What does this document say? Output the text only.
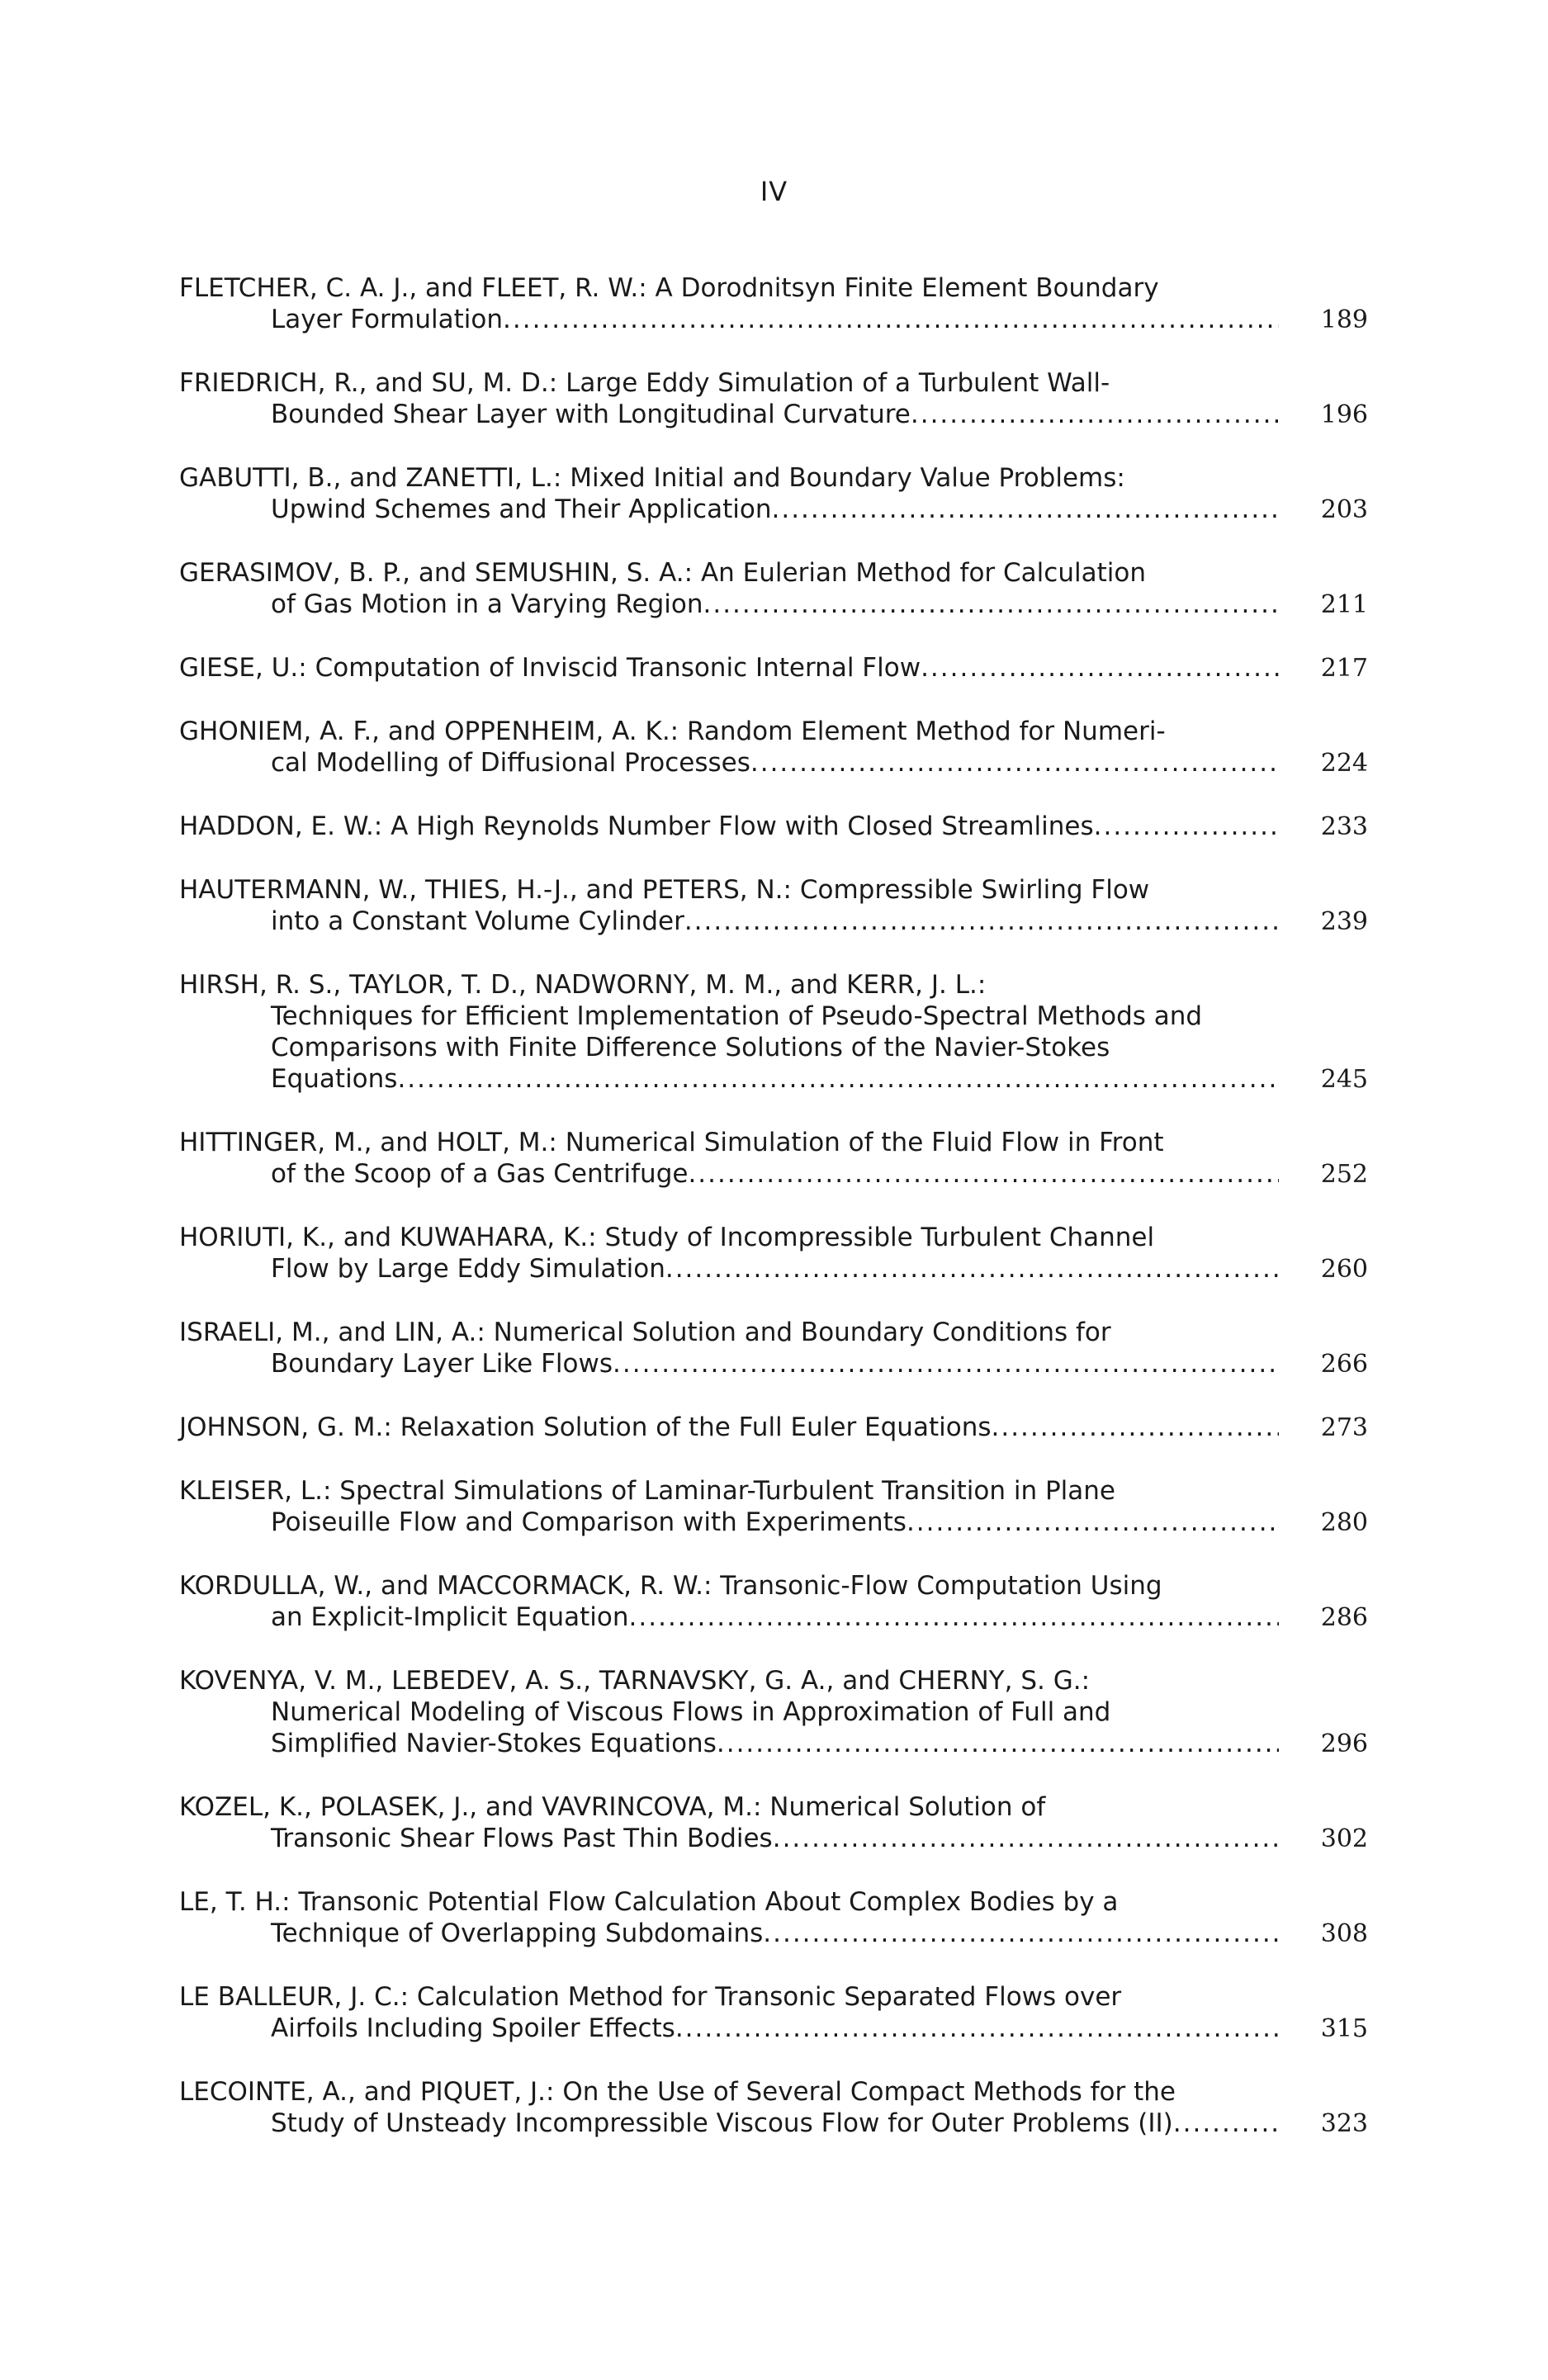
IV
FLETCHER, C. A. J., and FLEET, R. W.: A Dorodnitsyn Finite Element Boundary
Layer Formulation .....	189
FRIEDRICH, R., and SU, M. D.: Large Eddy Simulation of a Turbulent Wall-
Bounded Shear Layer with Longitudinal Curvature .....	196
GABUTTI, B., and ZANETTI, L.: Mixed Initial and Boundary Value Problems:
Upwind Schemes and Their Application .....	203
GERASIMOV, B. P., and SEMUSHIN, S. A.: An Eulerian Method for Calculation
of Gas Motion in a Varying Region .....	211
GIESE, U.: Computation of Inviscid Transonic Internal Flow .....	217
GHONIEM, A. F., and OPPENHEIM, A. K.: Random Element Method for Numeri-
cal Modelling of Diffusional Processes .....	224
HADDON, E. W.: A High Reynolds Number Flow with Closed Streamlines .....	233
HAUTERMANN, W., THIES, H.-J., and PETERS, N.: Compressible Swirling Flow
into a Constant Volume Cylinder .....	239
HIRSH, R. S., TAYLOR, T. D., NADWORNY, M. M., and KERR, J. L.:
Techniques for Efficient Implementation of Pseudo-Spectral Methods and
Comparisons with Finite Difference Solutions of the Navier-Stokes
Equations .....	245
HITTINGER, M., and HOLT, M.: Numerical Simulation of the Fluid Flow in Front
of the Scoop of a Gas Centrifuge .....	252
HORIUTI, K., and KUWAHARA, K.: Study of Incompressible Turbulent Channel
Flow by Large Eddy Simulation .....	260
ISRAELI, M., and LIN, A.: Numerical Solution and Boundary Conditions for
Boundary Layer Like Flows .....	266
JOHNSON, G. M.: Relaxation Solution of the Full Euler Equations .....	273
KLEISER, L.: Spectral Simulations of Laminar-Turbulent Transition in Plane
Poiseuille Flow and Comparison with Experiments .....	280
KORDULLA, W., and MACCORMACK, R. W.: Transonic-Flow Computation Using
an Explicit-Implicit Equation .....	286
KOVENYA, V. M., LEBEDEV, A. S., TARNAVSKY, G. A., and CHERNY, S. G.:
Numerical Modeling of Viscous Flows in Approximation of Full and
Simplified Navier-Stokes Equations .....	296
KOZEL, K., POLASEK, J., and VAVRINCOVA, M.: Numerical Solution of
Transonic Shear Flows Past Thin Bodies .....	302
LE, T. H.: Transonic Potential Flow Calculation About Complex Bodies by a
Technique of Overlapping Subdomains .....	308
LE BALLEUR, J. C.: Calculation Method for Transonic Separated Flows over
Airfoils Including Spoiler Effects .....	315
LECOINTE, A., and PIQUET, J.: On the Use of Several Compact Methods for the
Study of Unsteady Incompressible Viscous Flow for Outer Problems (II) .....	323
